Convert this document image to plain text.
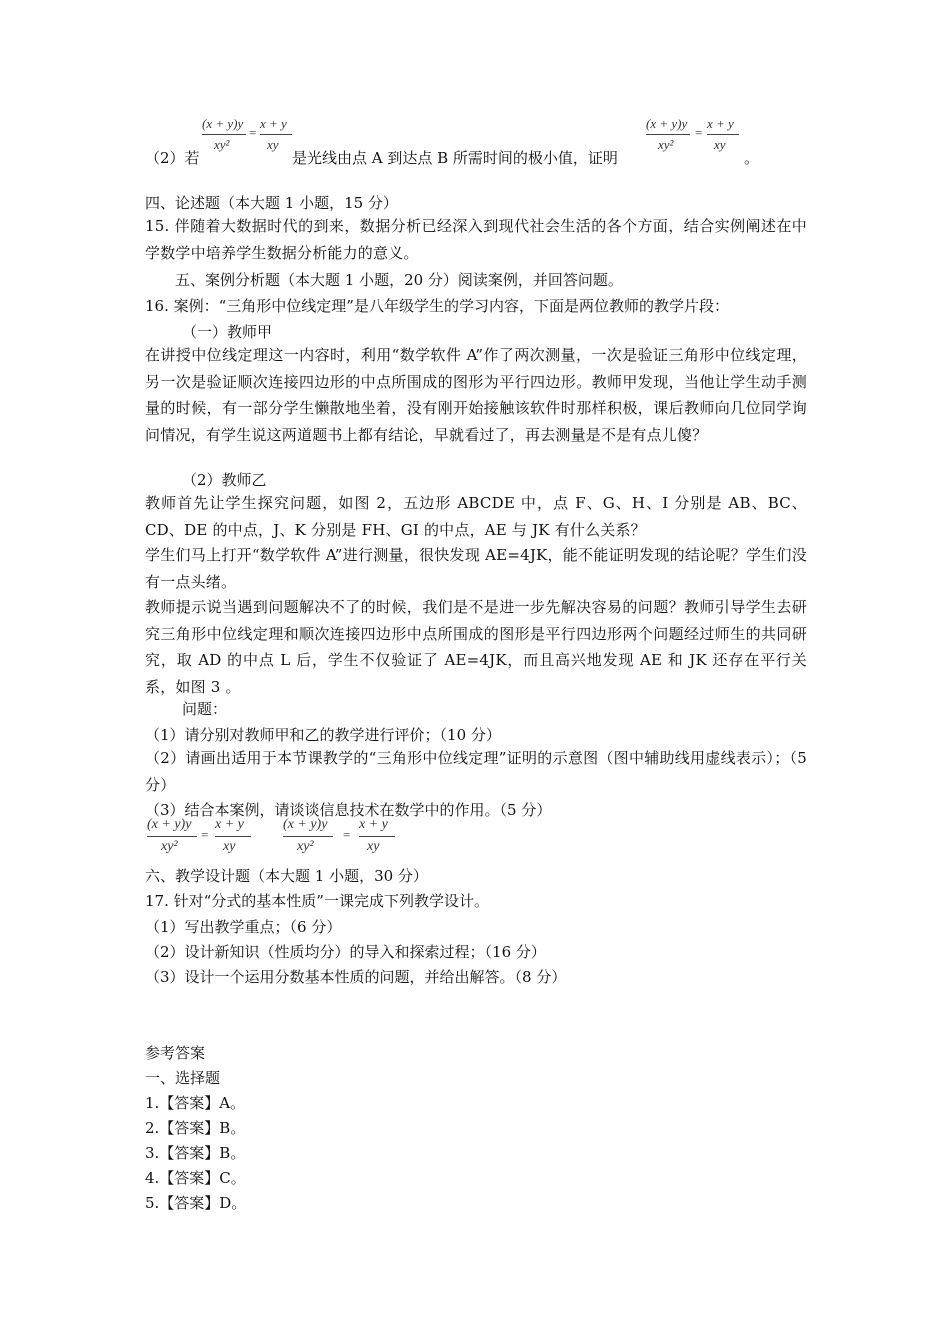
（2）若
(x + y)y
xy²
=
x + y
xy
是光线由点 A 到达点 B 所需时间的极小值，证明
(x + y)y
xy²
=
x + y
xy
。
四、论述题（本大题 1 小题，15 分）
15. 伴随着大数据时代的到来，数据分析已经深入到现代社会生活的各个方面，结合实例阐述在中学数学中培养学生数据分析能力的意义。
五、案例分析题（本大题 1 小题，20 分）阅读案例，并回答问题。
16. 案例：“三角形中位线定理”是八年级学生的学习内容，下面是两位教师的教学片段：
（一）教师甲
在讲授中位线定理这一内容时，利用“数学软件 A”作了两次测量，一次是验证三角形中位线定理，另一次是验证顺次连接四边形的中点所围成的图形为平行四边形。教师甲发现，当他让学生动手测量的时候，有一部分学生懒散地坐着，没有刚开始接触该软件时那样积极，课后教师向几位同学询问情况，有学生说这两道题书上都有结论，早就看过了，再去测量是不是有点儿傻？
（2）教师乙
教师首先让学生探究问题，如图 2，五边形 ABCDE 中，点 F、G、H、I 分别是 AB、BC、CD、DE 的中点，J、K 分别是 FH、GI 的中点，AE 与 JK 有什么关系？
学生们马上打开“数学软件 A”进行测量，很快发现 AE=4JK，能不能证明发现的结论呢？学生们没有一点头绪。
教师提示说当遇到问题解决不了的时候，我们是不是进一步先解决容易的问题？教师引导学生去研究三角形中位线定理和顺次连接四边形中点所围成的图形是平行四边形两个问题经过师生的共同研究，取 AD 的中点 L 后，学生不仅验证了 AE=4JK，而且高兴地发现 AE 和 JK 还存在平行关系，如图 3 。
问题：
（1）请分别对教师甲和乙的教学进行评价；（10 分）
（2）请画出适用于本节课教学的“三角形中位线定理”证明的示意图（图中辅助线用虚线表示）；（5 分）
（3）结合本案例，请谈谈信息技术在数学中的作用。（5 分）
(x + y)y
xy²
=
x + y
xy
(x + y)y
xy²
=
x + y
xy
六、教学设计题（本大题 1 小题，30 分）
17. 针对“分式的基本性质”一课完成下列教学设计。
（1）写出教学重点；（6 分）
（2）设计新知识（性质均分）的导入和探索过程；（16 分）
（3）设计一个运用分数基本性质的问题，并给出解答。（8 分）
参考答案
一、选择题
1.【答案】A。
2.【答案】B。
3.【答案】B。
4.【答案】C。
5.【答案】D。
